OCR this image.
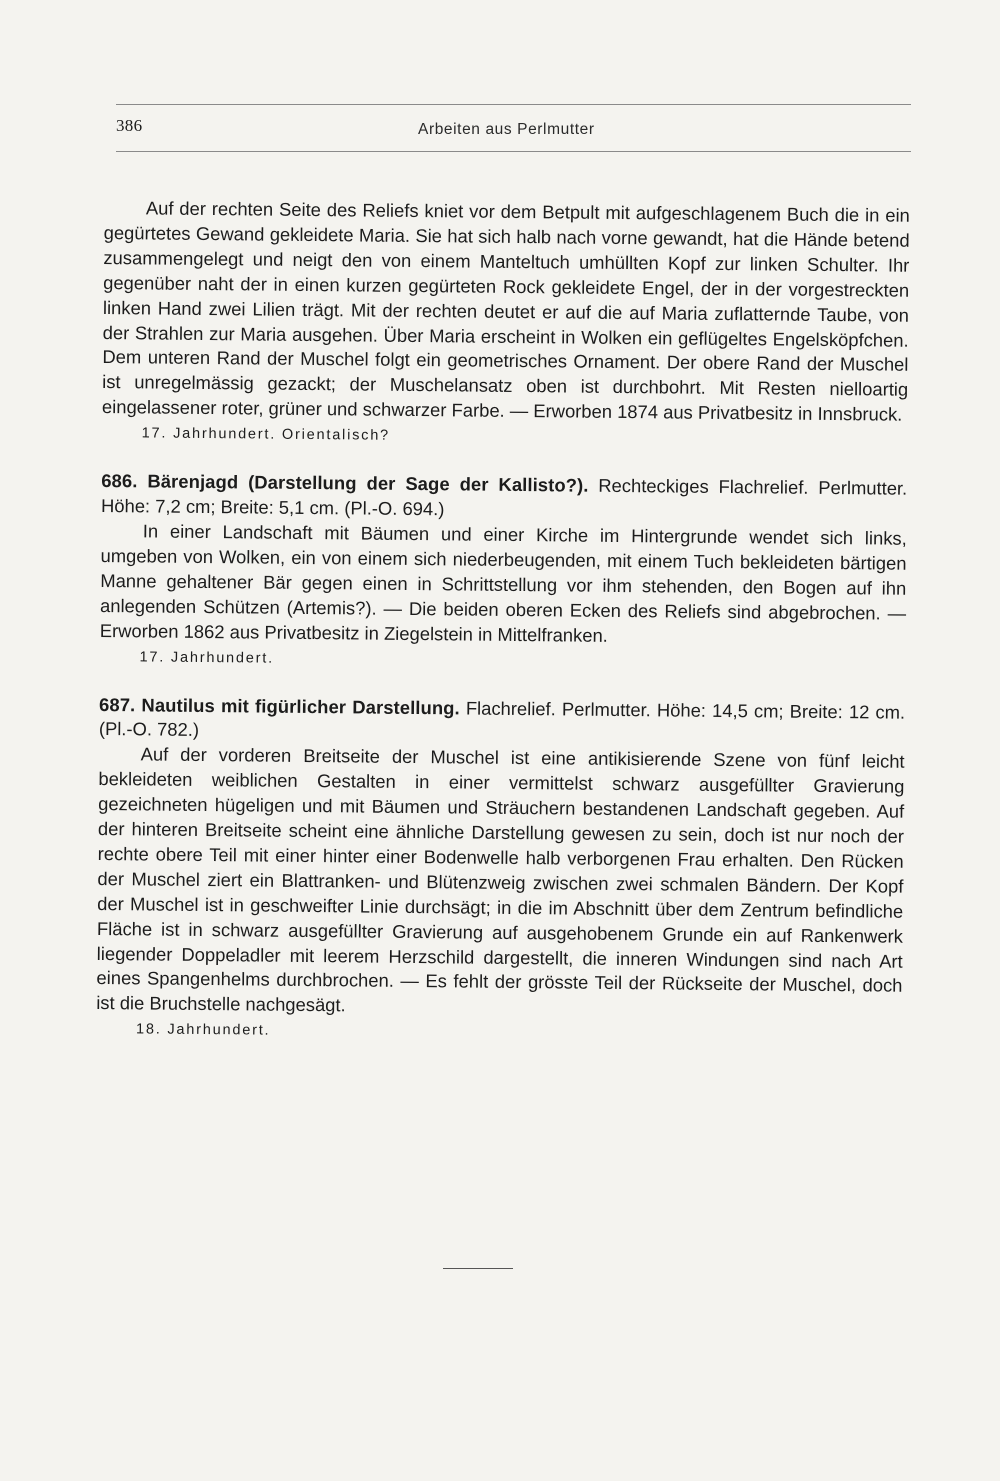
386	Arbeiten aus Perlmutter

Auf der rechten Seite des Reliefs kniet vor dem Betpult mit aufgeschlagenem Buch die in ein gegürtetes Gewand gekleidete Maria. Sie hat sich halb nach vorne gewandt, hat die Hände betend zusammengelegt und neigt den von einem Manteltuch umhüllten Kopf zur linken Schulter. Ihr gegenüber naht der in einen kurzen gegürteten Rock gekleidete Engel, der in der vorgestreckten linken Hand zwei Lilien trägt. Mit der rechten deutet er auf die auf Maria zuflatternde Taube, von der Strahlen zur Maria ausgehen. Über Maria erscheint in Wolken ein geflügeltes Engelsköpfchen. Dem unteren Rand der Muschel folgt ein geometrisches Ornament. Der obere Rand der Muschel ist unregelmässig gezackt; der Muschelansatz oben ist durchbohrt. Mit Resten nielloartig eingelassener roter, grüner und schwarzer Farbe. — Erworben 1874 aus Privatbesitz in Innsbruck.

17. Jahrhundert. Orientalisch?

686. Bärenjagd (Darstellung der Sage der Kallisto?). Rechteckiges Flachrelief. Perlmutter. Höhe: 7,2 cm; Breite: 5,1 cm. (Pl.-O. 694.)

In einer Landschaft mit Bäumen und einer Kirche im Hintergrunde wendet sich links, umgeben von Wolken, ein von einem sich niederbeugenden, mit einem Tuch bekleideten bärtigen Manne gehaltener Bär gegen einen in Schrittstellung vor ihm stehenden, den Bogen auf ihn anlegenden Schützen (Artemis?). — Die beiden oberen Ecken des Reliefs sind abgebrochen. — Erworben 1862 aus Privatbesitz in Ziegelstein in Mittelfranken.

17. Jahrhundert.

687. Nautilus mit figürlicher Darstellung. Flachrelief. Perlmutter. Höhe: 14,5 cm; Breite: 12 cm. (Pl.-O. 782.)

Auf der vorderen Breitseite der Muschel ist eine antikisierende Szene von fünf leicht bekleideten weiblichen Gestalten in einer vermittelst schwarz ausgefüllter Gravierung gezeichneten hügeligen und mit Bäumen und Sträuchern bestandenen Landschaft gegeben. Auf der hinteren Breitseite scheint eine ähnliche Darstellung gewesen zu sein, doch ist nur noch der rechte obere Teil mit einer hinter einer Bodenwelle halb verborgenen Frau erhalten. Den Rücken der Muschel ziert ein Blattranken- und Blütenzweig zwischen zwei schmalen Bändern. Der Kopf der Muschel ist in geschweifter Linie durchsägt; in die im Abschnitt über dem Zentrum befindliche Fläche ist in schwarz ausgefüllter Gravierung auf ausgehobenem Grunde ein auf Rankenwerk liegender Doppeladler mit leerem Herzschild dargestellt, die inneren Windungen sind nach Art eines Spangenhelms durchbrochen. — Es fehlt der grösste Teil der Rückseite der Muschel, doch ist die Bruchstelle nachgesägt.

18. Jahrhundert.
